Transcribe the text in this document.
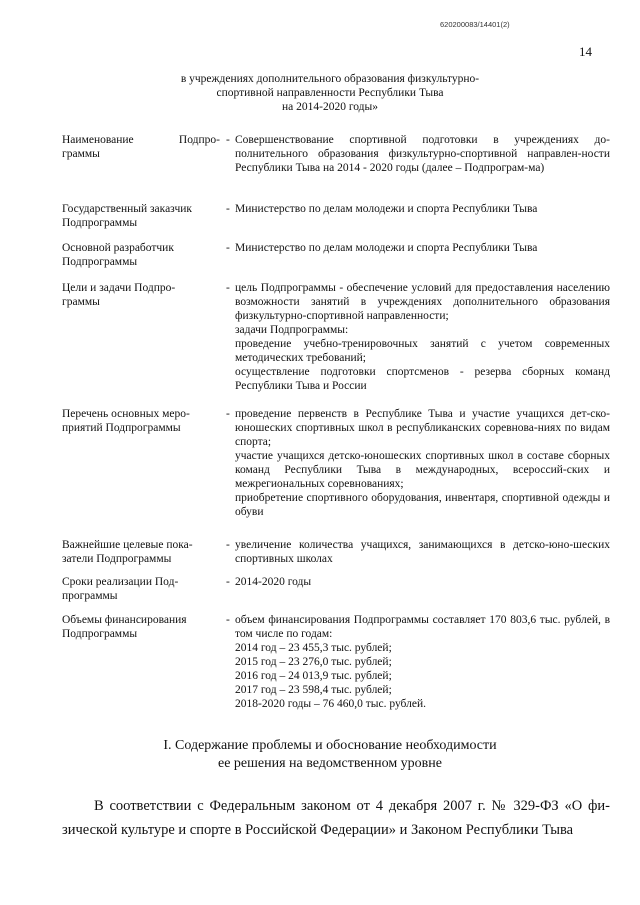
620200083/14401(2)
14
в учреждениях дополнительного образования физкультурно-
спортивной направленности Республики Тыва
на 2014-2020 годы»
Наименование Подпро-
граммы
- Совершенствование спортивной подготовки в учреждениях до-полнительного образования физкультурно-спортивной направлен-ности Республики Тыва на 2014 - 2020 годы (далее – Подпрограм-ма)

Государственный заказчик
Подпрограммы
- Министерство по делам молодежи и спорта Республики Тыва

Основной разработчик
Подпрограммы
- Министерство по делам молодежи и спорта Республики Тыва

Цели и задачи Подпро-
граммы
- цель Подпрограммы - обеспечение условий для предоставления населению возможности занятий в учреждениях дополнительного образования физкультурно-спортивной направленности;

задачи Подпрограммы:

проведение учебно-тренировочных занятий с учетом современных методических требований;

осуществление подготовки спортсменов - резерва сборных команд Республики Тыва и России

Перечень основных меро-
приятий Подпрограммы
- проведение первенств в Республике Тыва и участие учащихся дет-ско-юношеских спортивных школ в республиканских соревнова-ниях по видам спорта;

участие учащихся детско-юношеских спортивных школ в составе сборных команд Республики Тыва в международных, всероссий-ских и межрегиональных соревнованиях;

приобретение спортивного оборудования, инвентаря, спортивной одежды и обуви

Важнейшие целевые пока-
затели Подпрограммы
- увеличение количества учащихся, занимающихся в детско-юно-шеских спортивных школах

Сроки реализации Под-
программы
- 2014-2020 годы

Объемы финансирования
Подпрограммы
- объем финансирования Подпрограммы составляет 170 803,6 тыс. рублей, в том числе по годам:

2014 год – 23 455,3 тыс. рублей;

2015 год – 23 276,0 тыс. рублей;

2016 год – 24 013,9 тыс. рублей;

2017 год – 23 598,4 тыс. рублей;

2018-2020 годы – 76 460,0 тыс. рублей.

I. Содержание проблемы и обоснование необходимости
ее решения на ведомственном уровне
В соответствии с Федеральным законом от 4 декабря 2007 г. № 329-ФЗ «О фи-зической культуре и спорте в Российской Федерации» и Законом Республики Тыва
